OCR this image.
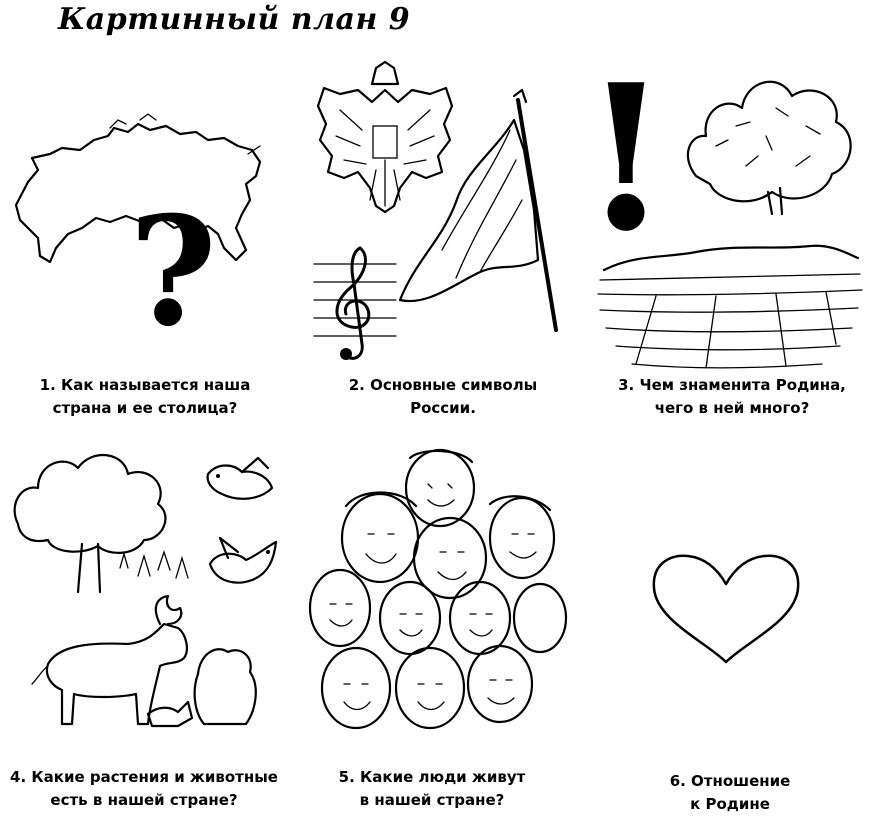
Картинный план 9
?
1. Как называется наша
страна и ее столица?
2. Основные символы
России.
!
3. Чем знаменита Родина,
чего в ней много?
4. Какие растения и животные
есть в нашей стране?
5. Какие люди живут
в нашей стране?
6. Отношение
к Родине
